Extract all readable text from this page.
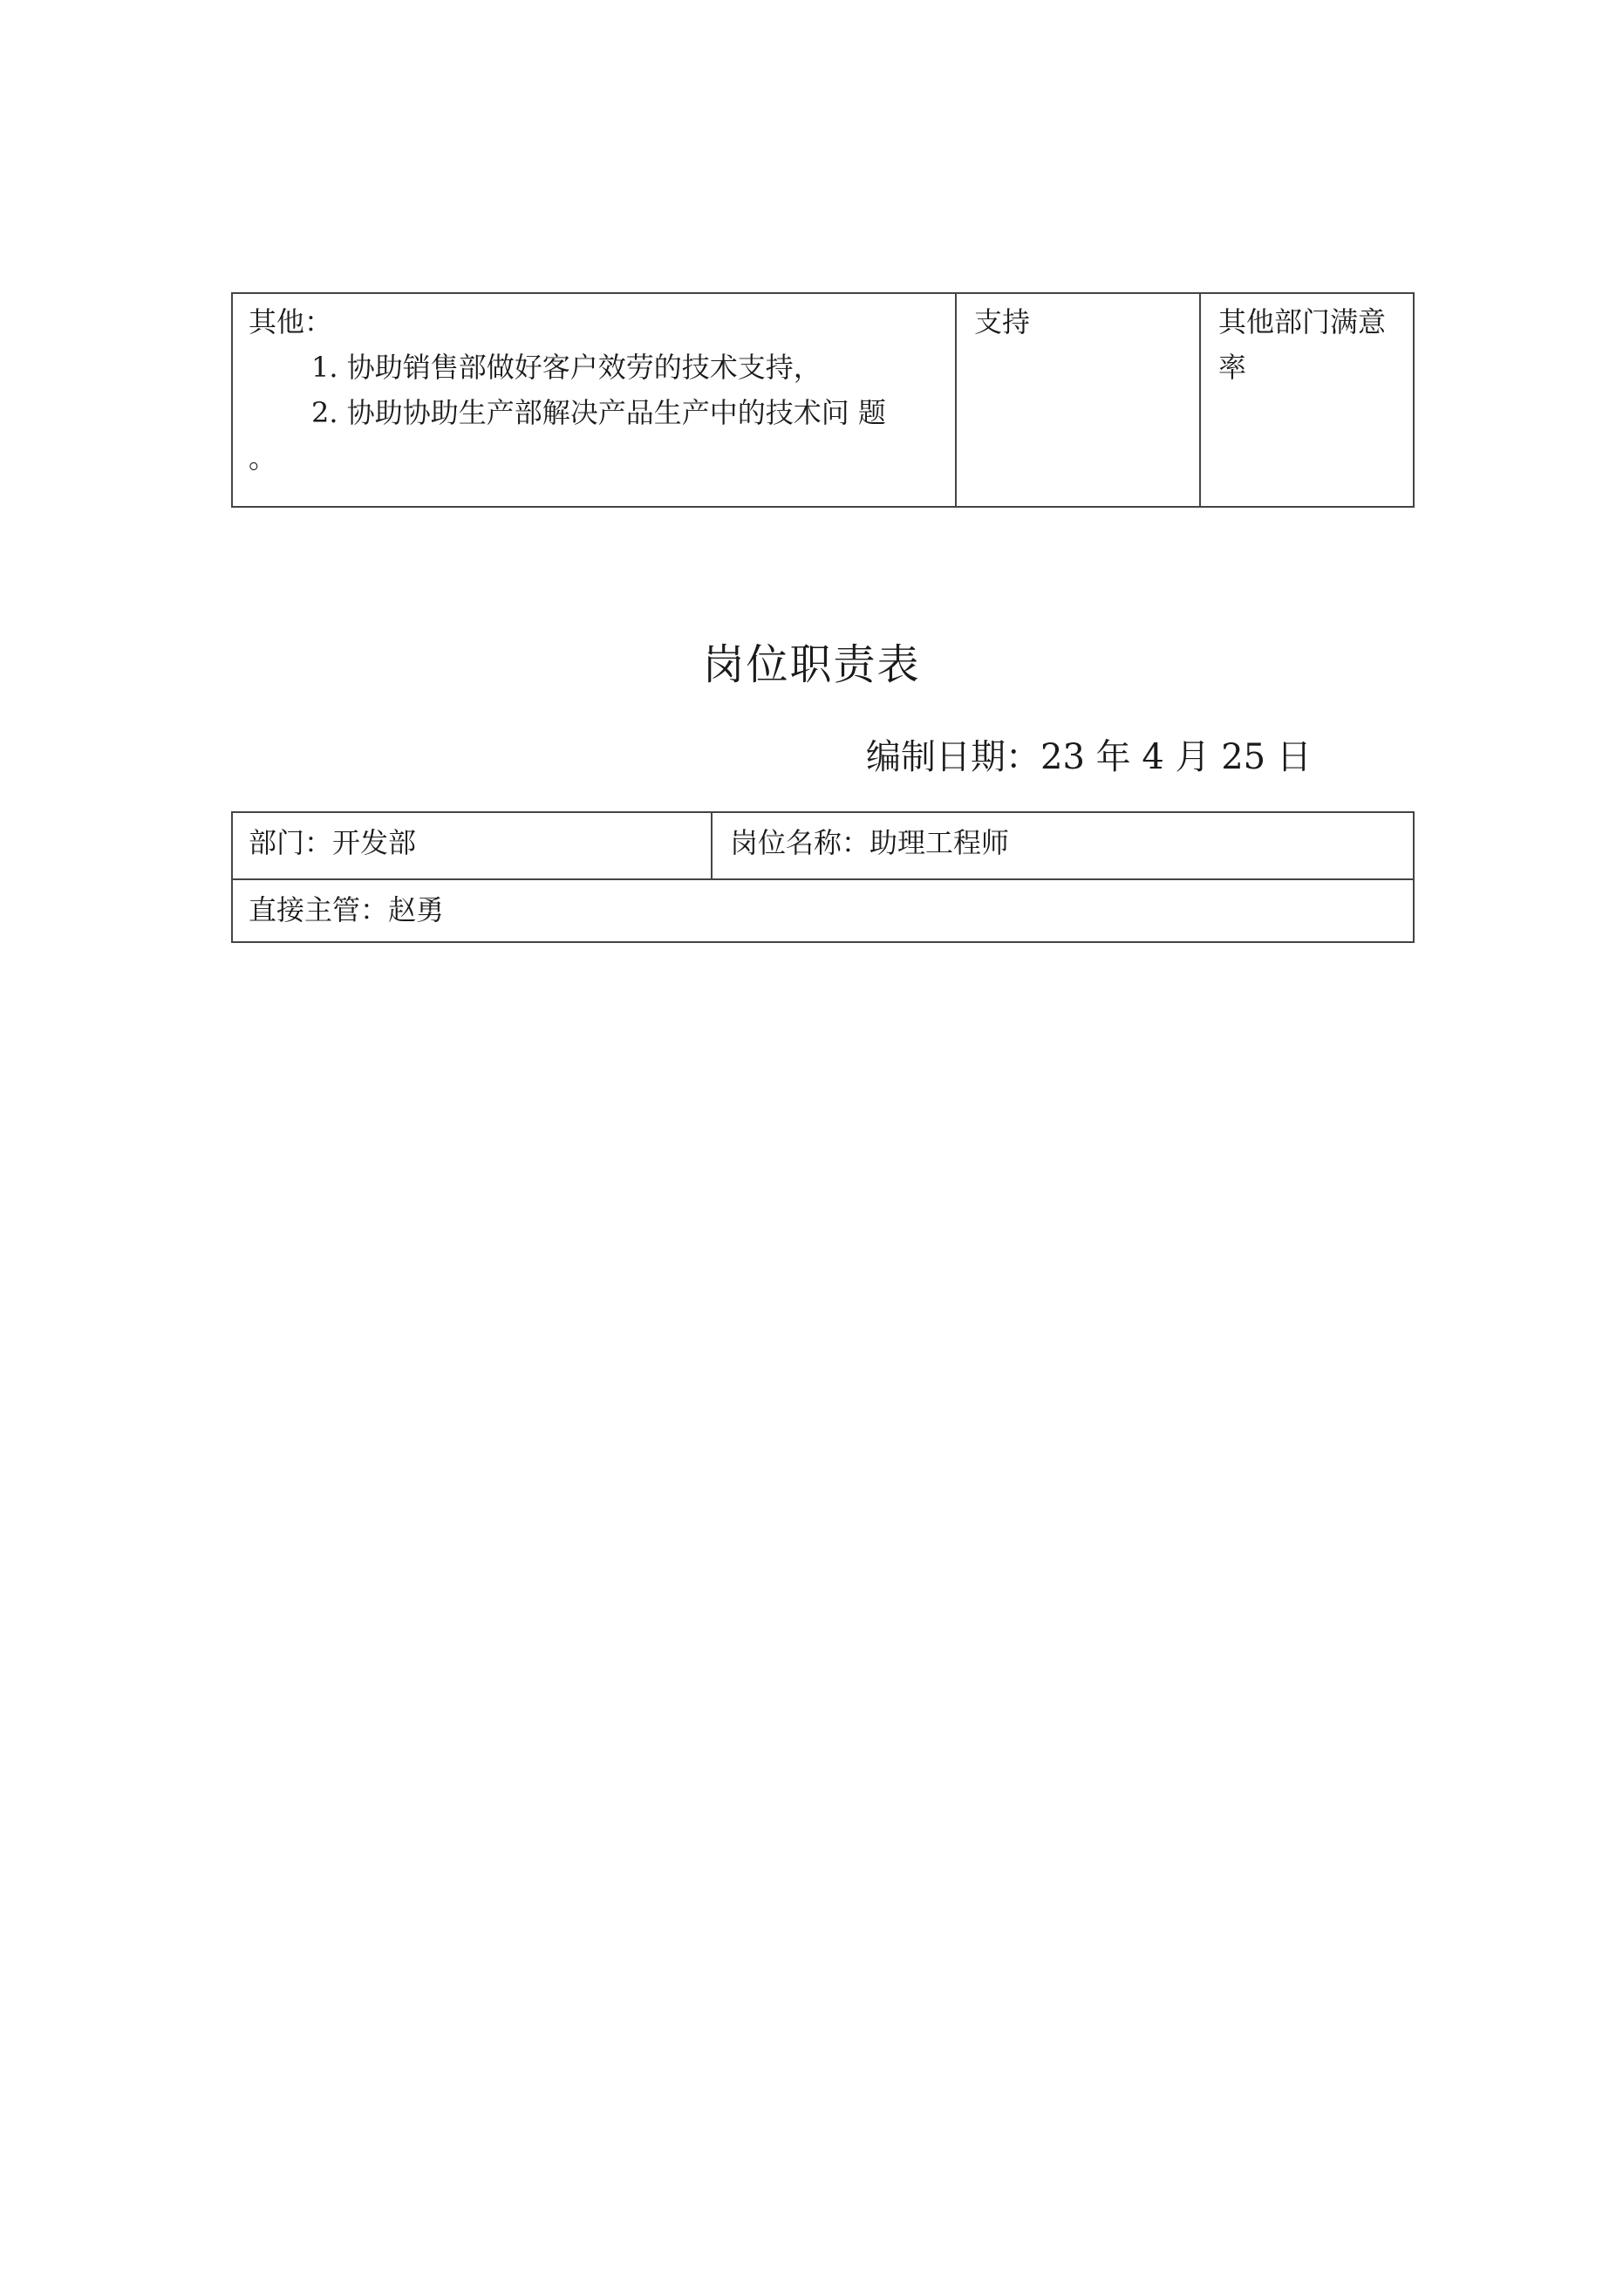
其他：
1. 协助销售部做好客户效劳的技术支持，
2. 协助协助生产部解决产品生产中的技术问 题
。
支持	其他部门满意率
岗位职责表
编制日期：23 年 4 月 25 日
部门：开发部	岗位名称：助理工程师
直接主管：赵勇
